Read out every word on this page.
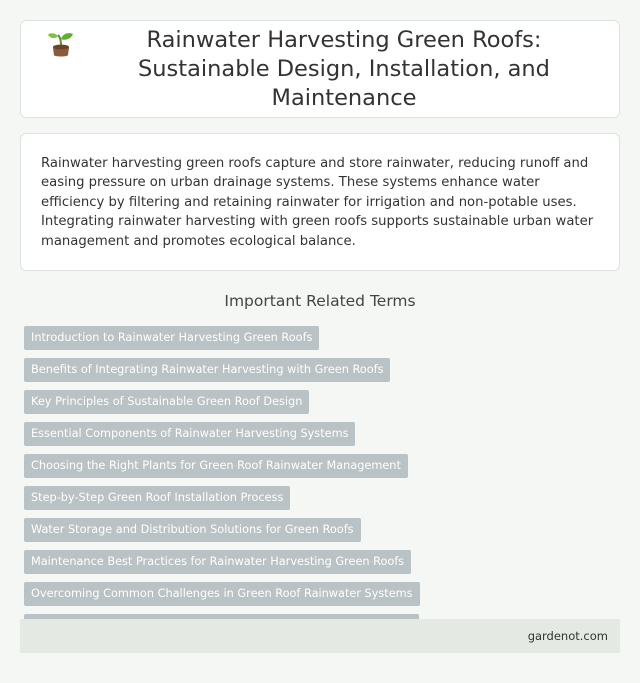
Rainwater Harvesting Green Roofs: Sustainable Design, Installation, and Maintenance

Rainwater harvesting green roofs capture and store rainwater, reducing runoff and easing pressure on urban drainage systems. These systems enhance water efficiency by filtering and retaining rainwater for irrigation and non-potable uses. Integrating rainwater harvesting with green roofs supports sustainable urban water management and promotes ecological balance.

Important Related Terms
Introduction to Rainwater Harvesting Green Roofs
Benefits of Integrating Rainwater Harvesting with Green Roofs
Key Principles of Sustainable Green Roof Design
Essential Components of Rainwater Harvesting Systems
Choosing the Right Plants for Green Roof Rainwater Management
Step-by-Step Green Roof Installation Process
Water Storage and Distribution Solutions for Green Roofs
Maintenance Best Practices for Rainwater Harvesting Green Roofs
Overcoming Common Challenges in Green Roof Rainwater Systems
gardenot.com
